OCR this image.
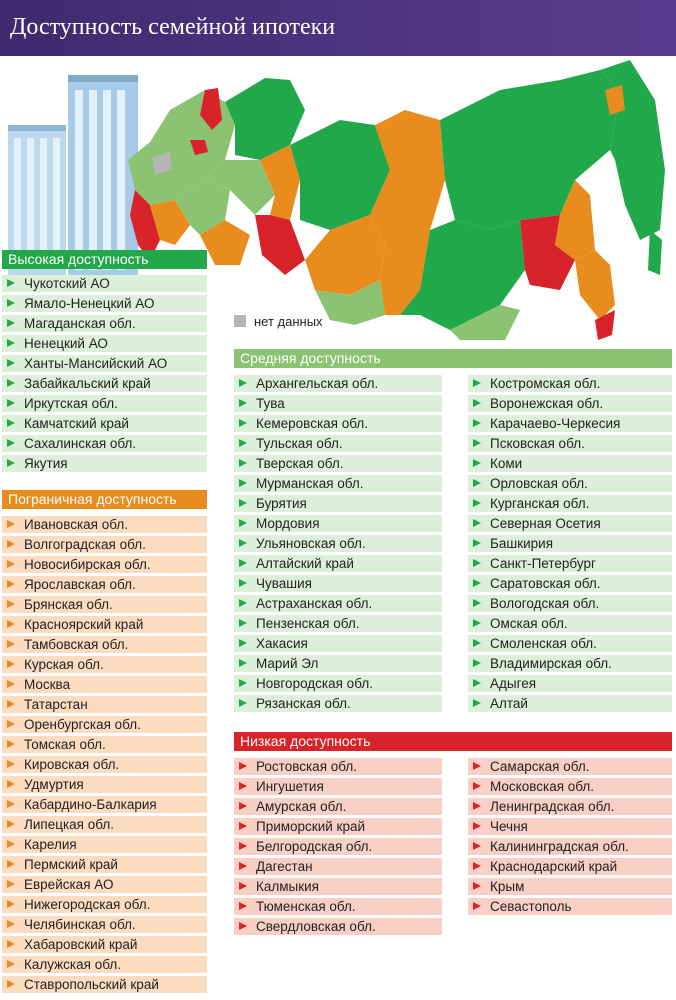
Доступность семейной ипотеки
нет данных
Высокая доступность
Чукотский АО
Ямало-Ненецкий АО
Магаданская обл.
Ненецкий АО
Ханты-Мансийский АО
Забайкальский край
Иркутская обл.
Камчатский край
Сахалинская обл.
Якутия
Пограничная доступность
Ивановская обл.
Волгоградская обл.
Новосибирская обл.
Ярославская обл.
Брянская обл.
Красноярский край
Тамбовская обл.
Курская обл.
Москва
Татарстан
Оренбургская обл.
Томская обл.
Кировская обл.
Удмуртия
Кабардино-Балкария
Липецкая обл.
Карелия
Пермский край
Еврейская АО
Нижегородская обл.
Челябинская обл.
Хабаровский край
Калужская обл.
Ставропольский край
Средняя доступность
Архангельская обл.
Тува
Кемеровская обл.
Тульская обл.
Тверская обл.
Мурманская обл.
Бурятия
Мордовия
Ульяновская обл.
Алтайский край
Чувашия
Астраханская обл.
Пензенская обл.
Хакасия
Марий Эл
Новгородская обл.
Рязанская обл.
Костромская обл.
Воронежская обл.
Карачаево-Черкесия
Псковская обл.
Коми
Орловская обл.
Курганская обл.
Северная Осетия
Башкирия
Санкт-Петербург
Саратовская обл.
Вологодская обл.
Омская обл.
Смоленская обл.
Владимирская обл.
Адыгея
Алтай
Низкая доступность
Ростовская обл.
Ингушетия
Амурская обл.
Приморский край
Белгородская обл.
Дагестан
Калмыкия
Тюменская обл.
Свердловская обл.
Самарская обл.
Московская обл.
Ленинградская обл.
Чечня
Калининградская обл.
Краснодарский край
Крым
Севастополь
